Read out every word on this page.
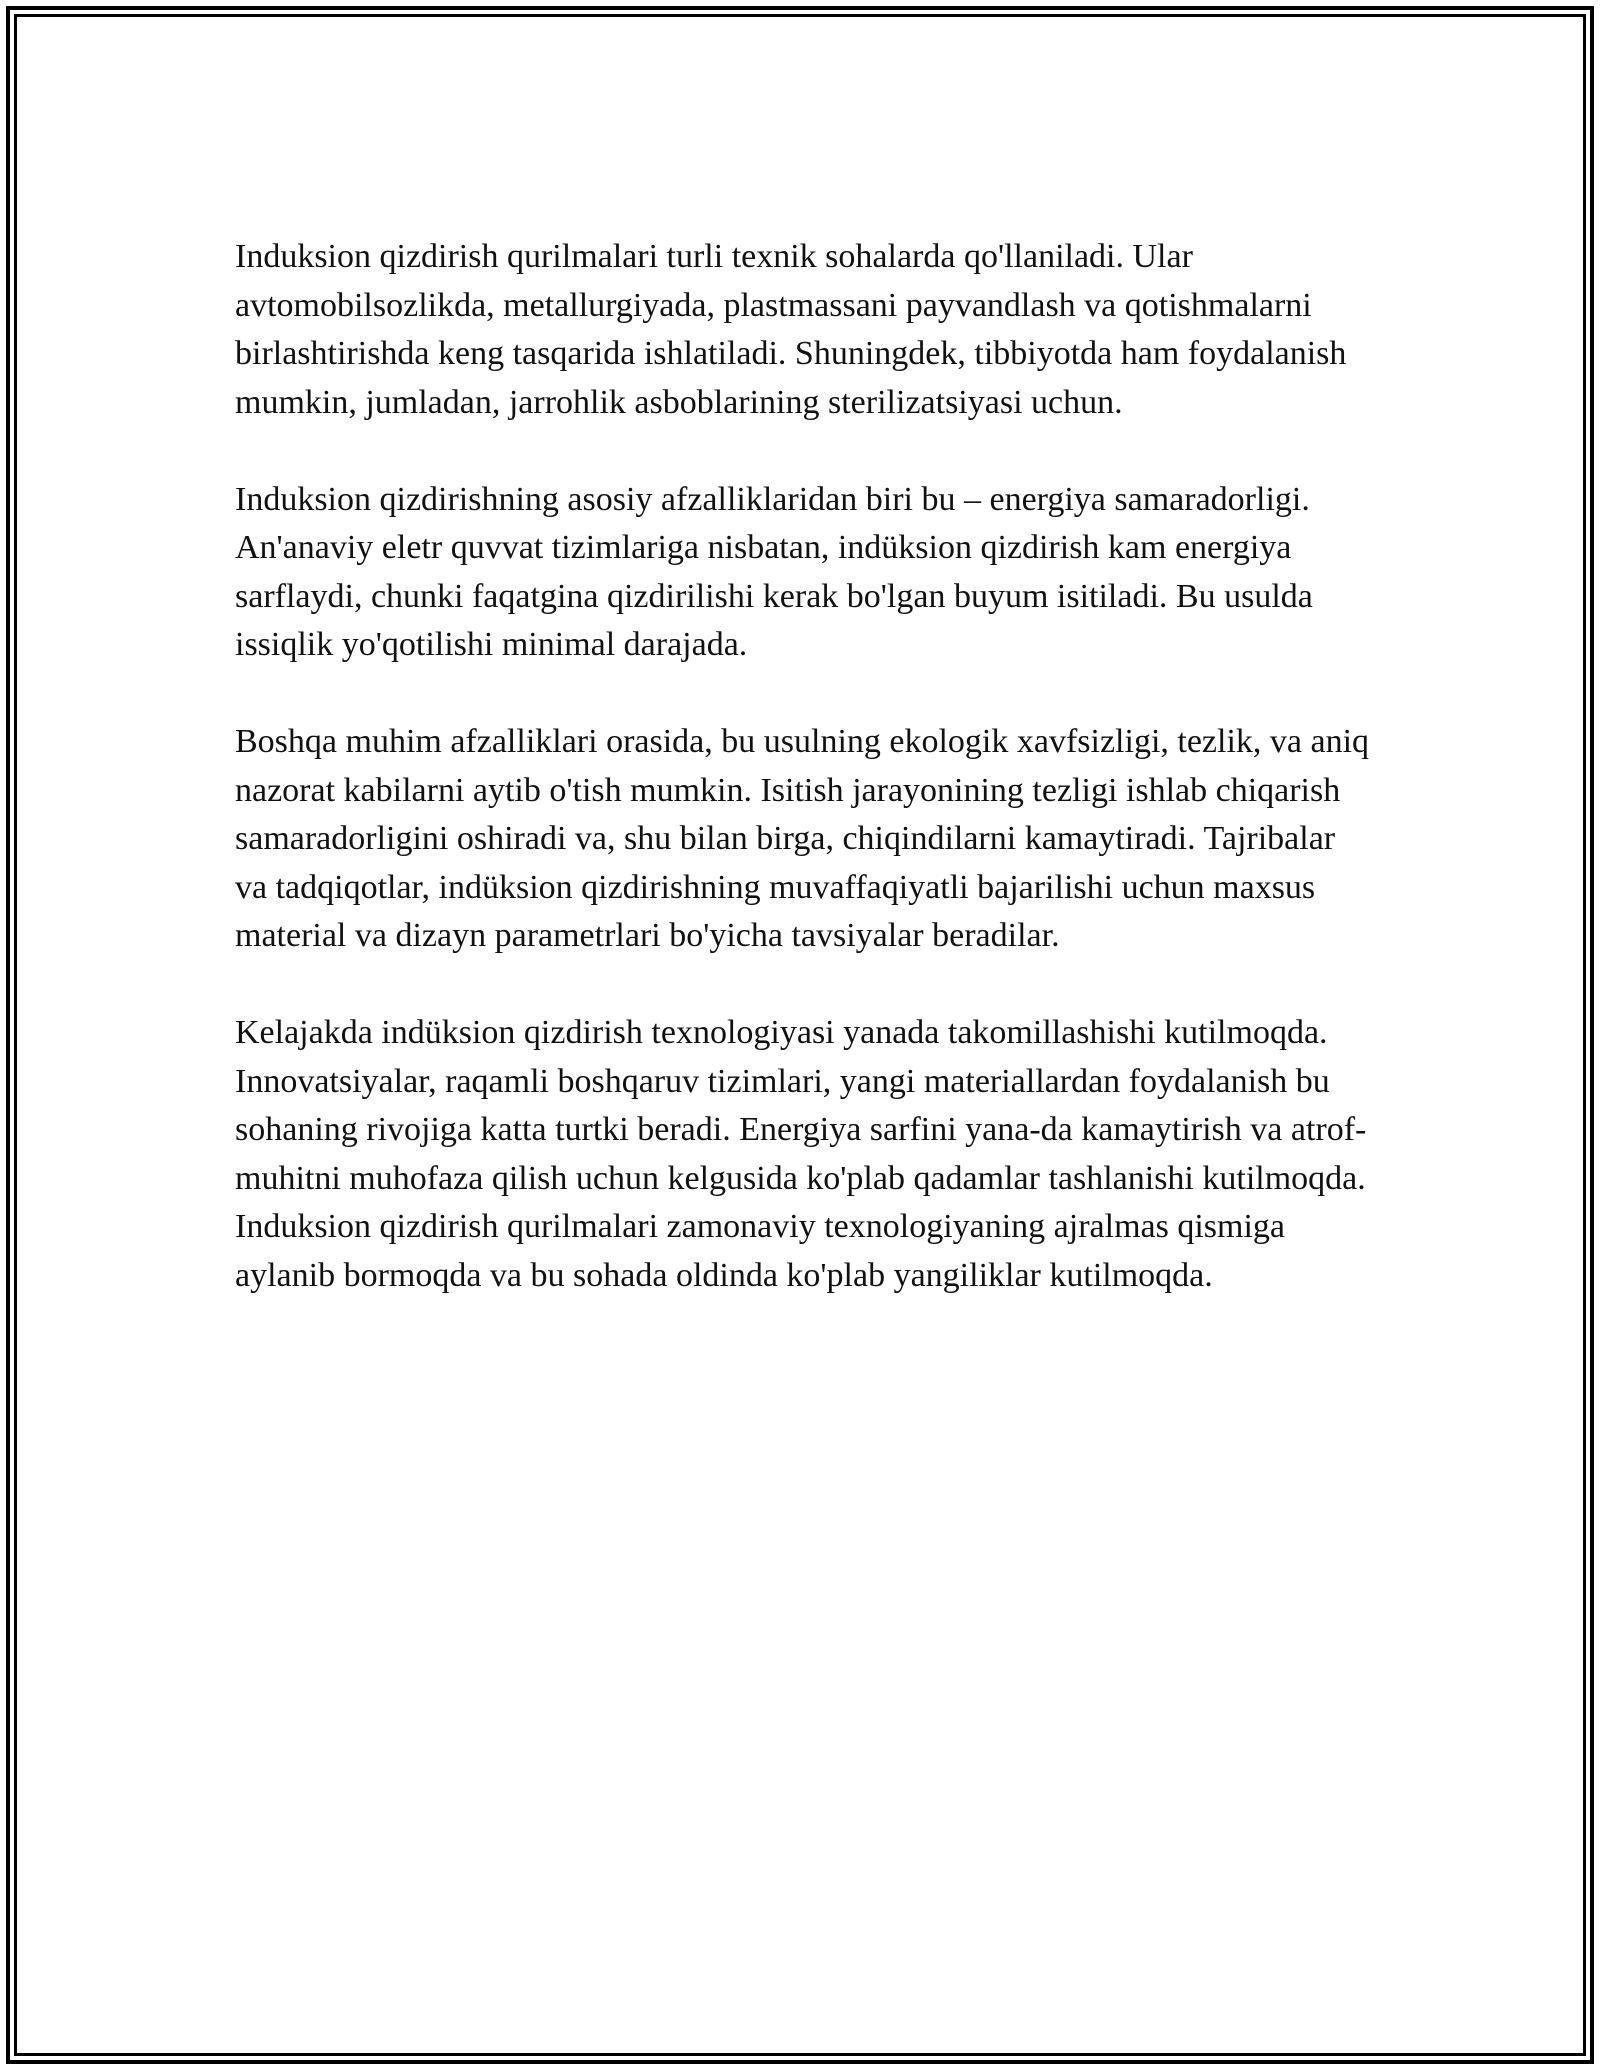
Induksion qizdirish qurilmalari turli texnik sohalarda qo'llaniladi. Ular avtomobilsozlikda, metallurgiyada, plastmassani payvandlash va qotishmalarni birlashtirishda keng tasqarida ishlatiladi. Shuningdek, tibbiyotda ham foydalanish mumkin, jumladan, jarrohlik asboblarining sterilizatsiyasi uchun.

Induksion qizdirishning asosiy afzalliklaridan biri bu – energiya samaradorligi. An'anaviy eletr quvvat tizimlariga nisbatan, indüksion qizdirish kam energiya sarflaydi, chunki faqatgina qizdirilishi kerak bo'lgan buyum isitiladi. Bu usulda issiqlik yo'qotilishi minimal darajada.

Boshqa muhim afzalliklari orasida, bu usulning ekologik xavfsizligi, tezlik, va aniq nazorat kabilarni aytib o'tish mumkin. Isitish jarayonining tezligi ishlab chiqarish samaradorligini oshiradi va, shu bilan birga, chiqindilarni kamaytiradi. Tajribalar va tadqiqotlar, indüksion qizdirishning muvaffaqiyatli bajarilishi uchun maxsus material va dizayn parametrlari bo'yicha tavsiyalar beradilar.

Kelajakda indüksion qizdirish texnologiyasi yanada takomillashishi kutilmoqda. Innovatsiyalar, raqamli boshqaruv tizimlari, yangi materiallardan foydalanish bu sohaning rivojiga katta turtki beradi. Energiya sarfini yana-da kamaytirish va atrof-muhitni muhofaza qilish uchun kelgusida ko'plab qadamlar tashlanishi kutilmoqda. Induksion qizdirish qurilmalari zamonaviy texnologiyaning ajralmas qismiga aylanib bormoqda va bu sohada oldinda ko'plab yangiliklar kutilmoqda.
